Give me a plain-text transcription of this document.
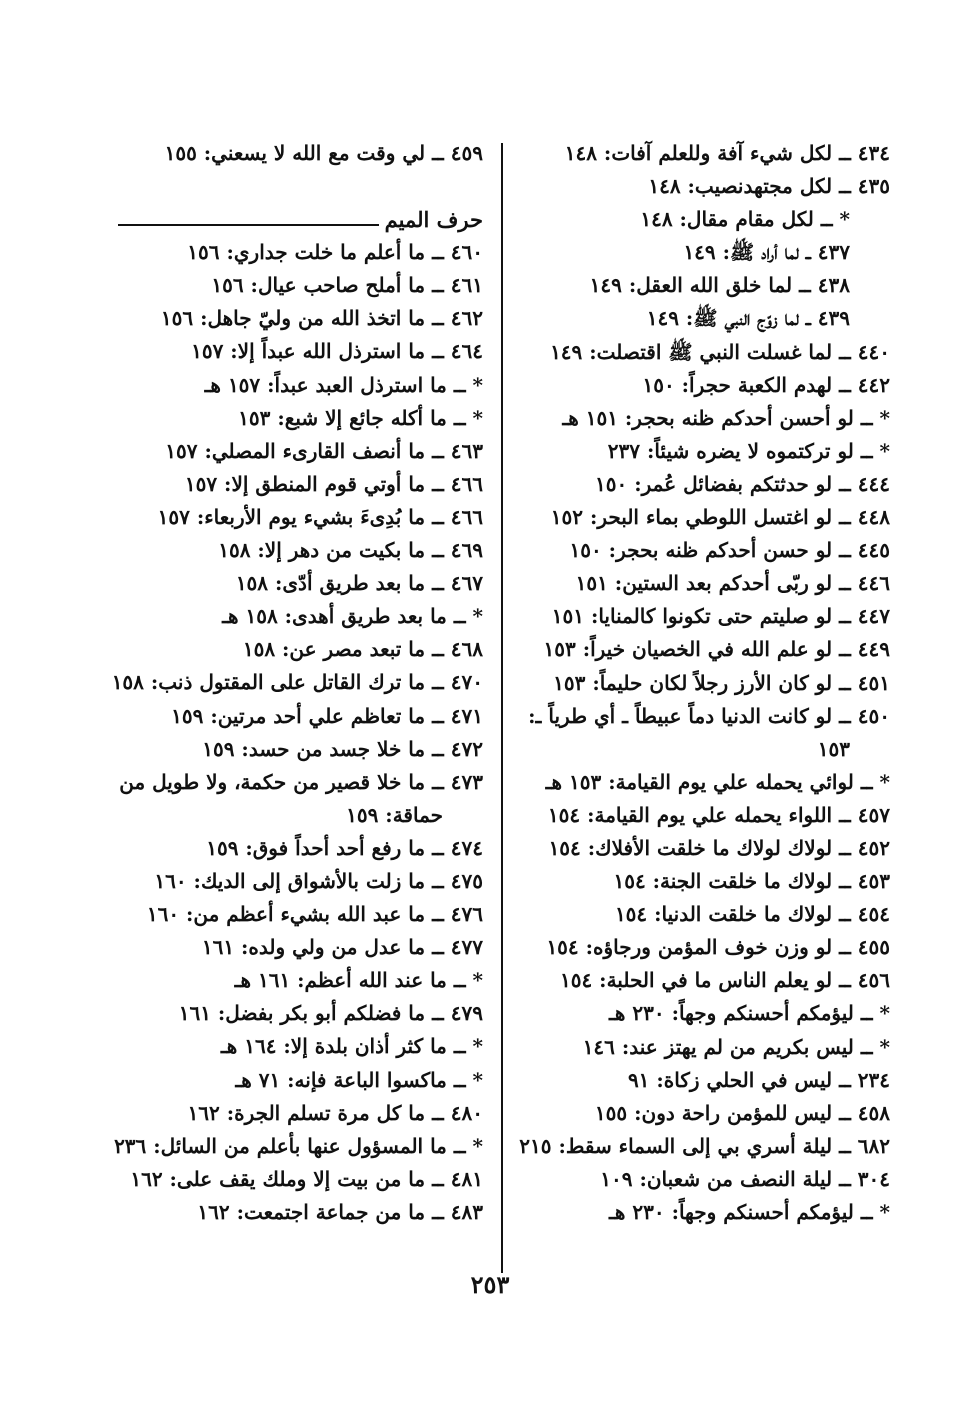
٤٣٤ ــ لكل شيء آفة وللعلم آفات: ١٤٨
٤٣٥ ــ لكل مجتهدنصيب: ١٤٨
* ــ لكل مقام مقال: ١٤٨
٤٣٧ ــ لما أراد ﷺ: ١٤٩
٤٣٨ ــ لما خلق الله العقل: ١٤٩
٤٣٩ ــ لما زوّج النبي ﷺ: ١٤٩
٤٤٠ ــ لما غسلت النبي ﷺ اقتصلت: ١٤٩
٤٤٢ ــ لهدم الكعبة حجراً: ١٥٠
* ــ لو أحسن أحدكم ظنه بحجر: ١٥١ هـ
* ــ لو تركتموه لا يضره شيئاً: ٢٣٧
٤٤٤ ــ لو حدثتكم بفضائل عُمر: ١٥٠
٤٤٨ ــ لو اغتسل اللوطي بماء البحر: ١٥٢
٤٤٥ ــ لو حسن أحدكم ظنه بحجر: ١٥٠
٤٤٦ ــ لو ربّى أحدكم بعد الستين: ١٥١
٤٤٧ ــ لو صليتم حتى تكونوا كالمنايا: ١٥١
٤٤٩ ــ لو علم الله في الخصيان خيراً: ١٥٣
٤٥١ ــ لو كان الأرز رجلاً لكان حليماً: ١٥٣
٤٥٠ ــ لو كانت الدنيا دماً عبيطاً ـ أي طرياً ـ:
١٥٣
* ــ لوائي يحمله علي يوم القيامة: ١٥٣ هـ
٤٥٧ ــ اللواء يحمله علي يوم القيامة: ١٥٤
٤٥٢ ــ لولاك لولاك ما خلقت الأفلاك: ١٥٤
٤٥٣ ــ لولاك ما خلقت الجنة: ١٥٤
٤٥٤ ــ لولاك ما خلقت الدنيا: ١٥٤
٤٥٥ ــ لو وزن خوف المؤمن ورجاؤه: ١٥٤
٤٥٦ ــ لو يعلم الناس ما في الحلبة: ١٥٤
* ــ ليؤمكم أحسنكم وجهاً: ٢٣٠ هـ
* ــ ليس بكريم من لم يهتز عند: ١٤٦
٢٣٤ ــ ليس في الحلي زكاة: ٩١
٤٥٨ ــ ليس للمؤمن راحة دون: ١٥٥
٦٨٢ ــ ليلة أسري بي إلى السماء سقط: ٢١٥
٣٠٤ ــ ليلة النصف من شعبان: ١٠٩
* ــ ليؤمكم أحسنكم وجهاً: ٢٣٠ هـ
٤٥٩ ــ لي وقت مع الله لا يسعني: ١٥٥
حرف الميم
٤٦٠ ــ ما أعلم ما خلت جداري: ١٥٦
٤٦١ ــ ما أملح صاحب عيال: ١٥٦
٤٦٢ ــ ما اتخذ الله من وليّ جاهل: ١٥٦
٤٦٤ ــ ما استرذل الله عبداً إلا: ١٥٧
* ــ ما استرذل العبد عبداً: ١٥٧ هـ
* ــ ما أكله جائع إلا شبع: ١٥٣
٤٦٣ ــ ما أنصف القارىء المصلي: ١٥٧
٤٦٦ ــ ما أوتي قوم المنطق إلا: ١٥٧
٤٦٦ ــ ما بُدِىءَ بشيء يوم الأربعاء: ١٥٧
٤٦٩ ــ ما بكيت من دهر إلا: ١٥٨
٤٦٧ ــ ما بعد طريق أدّى: ١٥٨
* ــ ما بعد طريق أهدى: ١٥٨ هـ
٤٦٨ ــ ما تبعد مصر عن: ١٥٨
٤٧٠ ــ ما ترك القاتل على المقتول ذنب: ١٥٨
٤٧١ ــ ما تعاظم علي أحد مرتين: ١٥٩
٤٧٢ ــ ما خلا جسد من حسد: ١٥٩
٤٧٣ ــ ما خلا قصير من حكمة، ولا طويل من
حماقة: ١٥٩
٤٧٤ ــ ما رفع أحد أحداً فوق: ١٥٩
٤٧٥ ــ ما زلت بالأشواق إلى الديك: ١٦٠
٤٧٦ ــ ما عبد الله بشيء أعظم من: ١٦٠
٤٧٧ ــ ما عدل من ولي ولده: ١٦١
* ــ ما عند الله أعظم: ١٦١ هـ
٤٧٩ ــ ما فضلكم أبو بكر بفضل: ١٦١
* ــ ما كثر أذان بلدة إلا: ١٦٤ هـ
* ــ ماكسوا الباعة فإنه: ٧١ هـ
٤٨٠ ــ ما كل مرة تسلم الجرة: ١٦٢
* ــ ما المسؤول عنها بأعلم من السائل: ٢٣٦
٤٨١ ــ ما من بيت إلا وملك يقف على: ١٦٢
٤٨٣ ــ ما من جماعة اجتمعت: ١٦٢
٢٥٣
